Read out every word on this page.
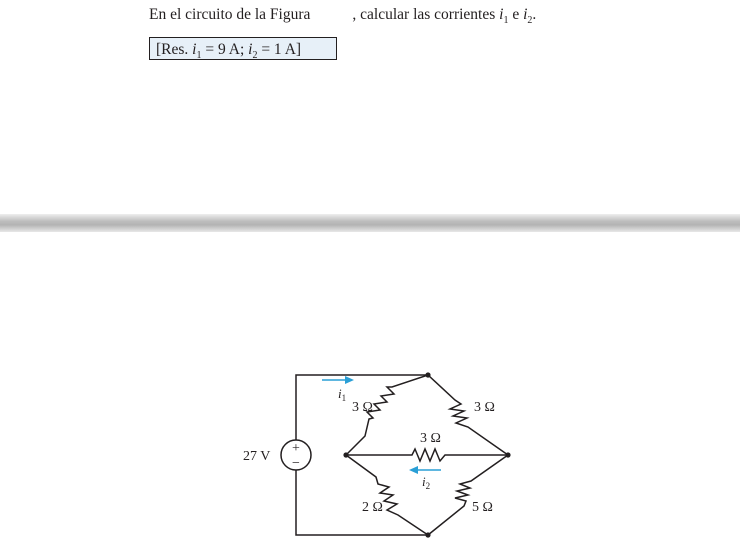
En el circuito de la Figura	, calcular las corrientes $i_1$ e $i_2$.
[Res. $i_1 = 9$ A; $i_2 = 1$ A]
+
−
27 V
$i_1$
$i_2$
3 Ω	3 Ω
3 Ω
2 Ω	5 Ω
